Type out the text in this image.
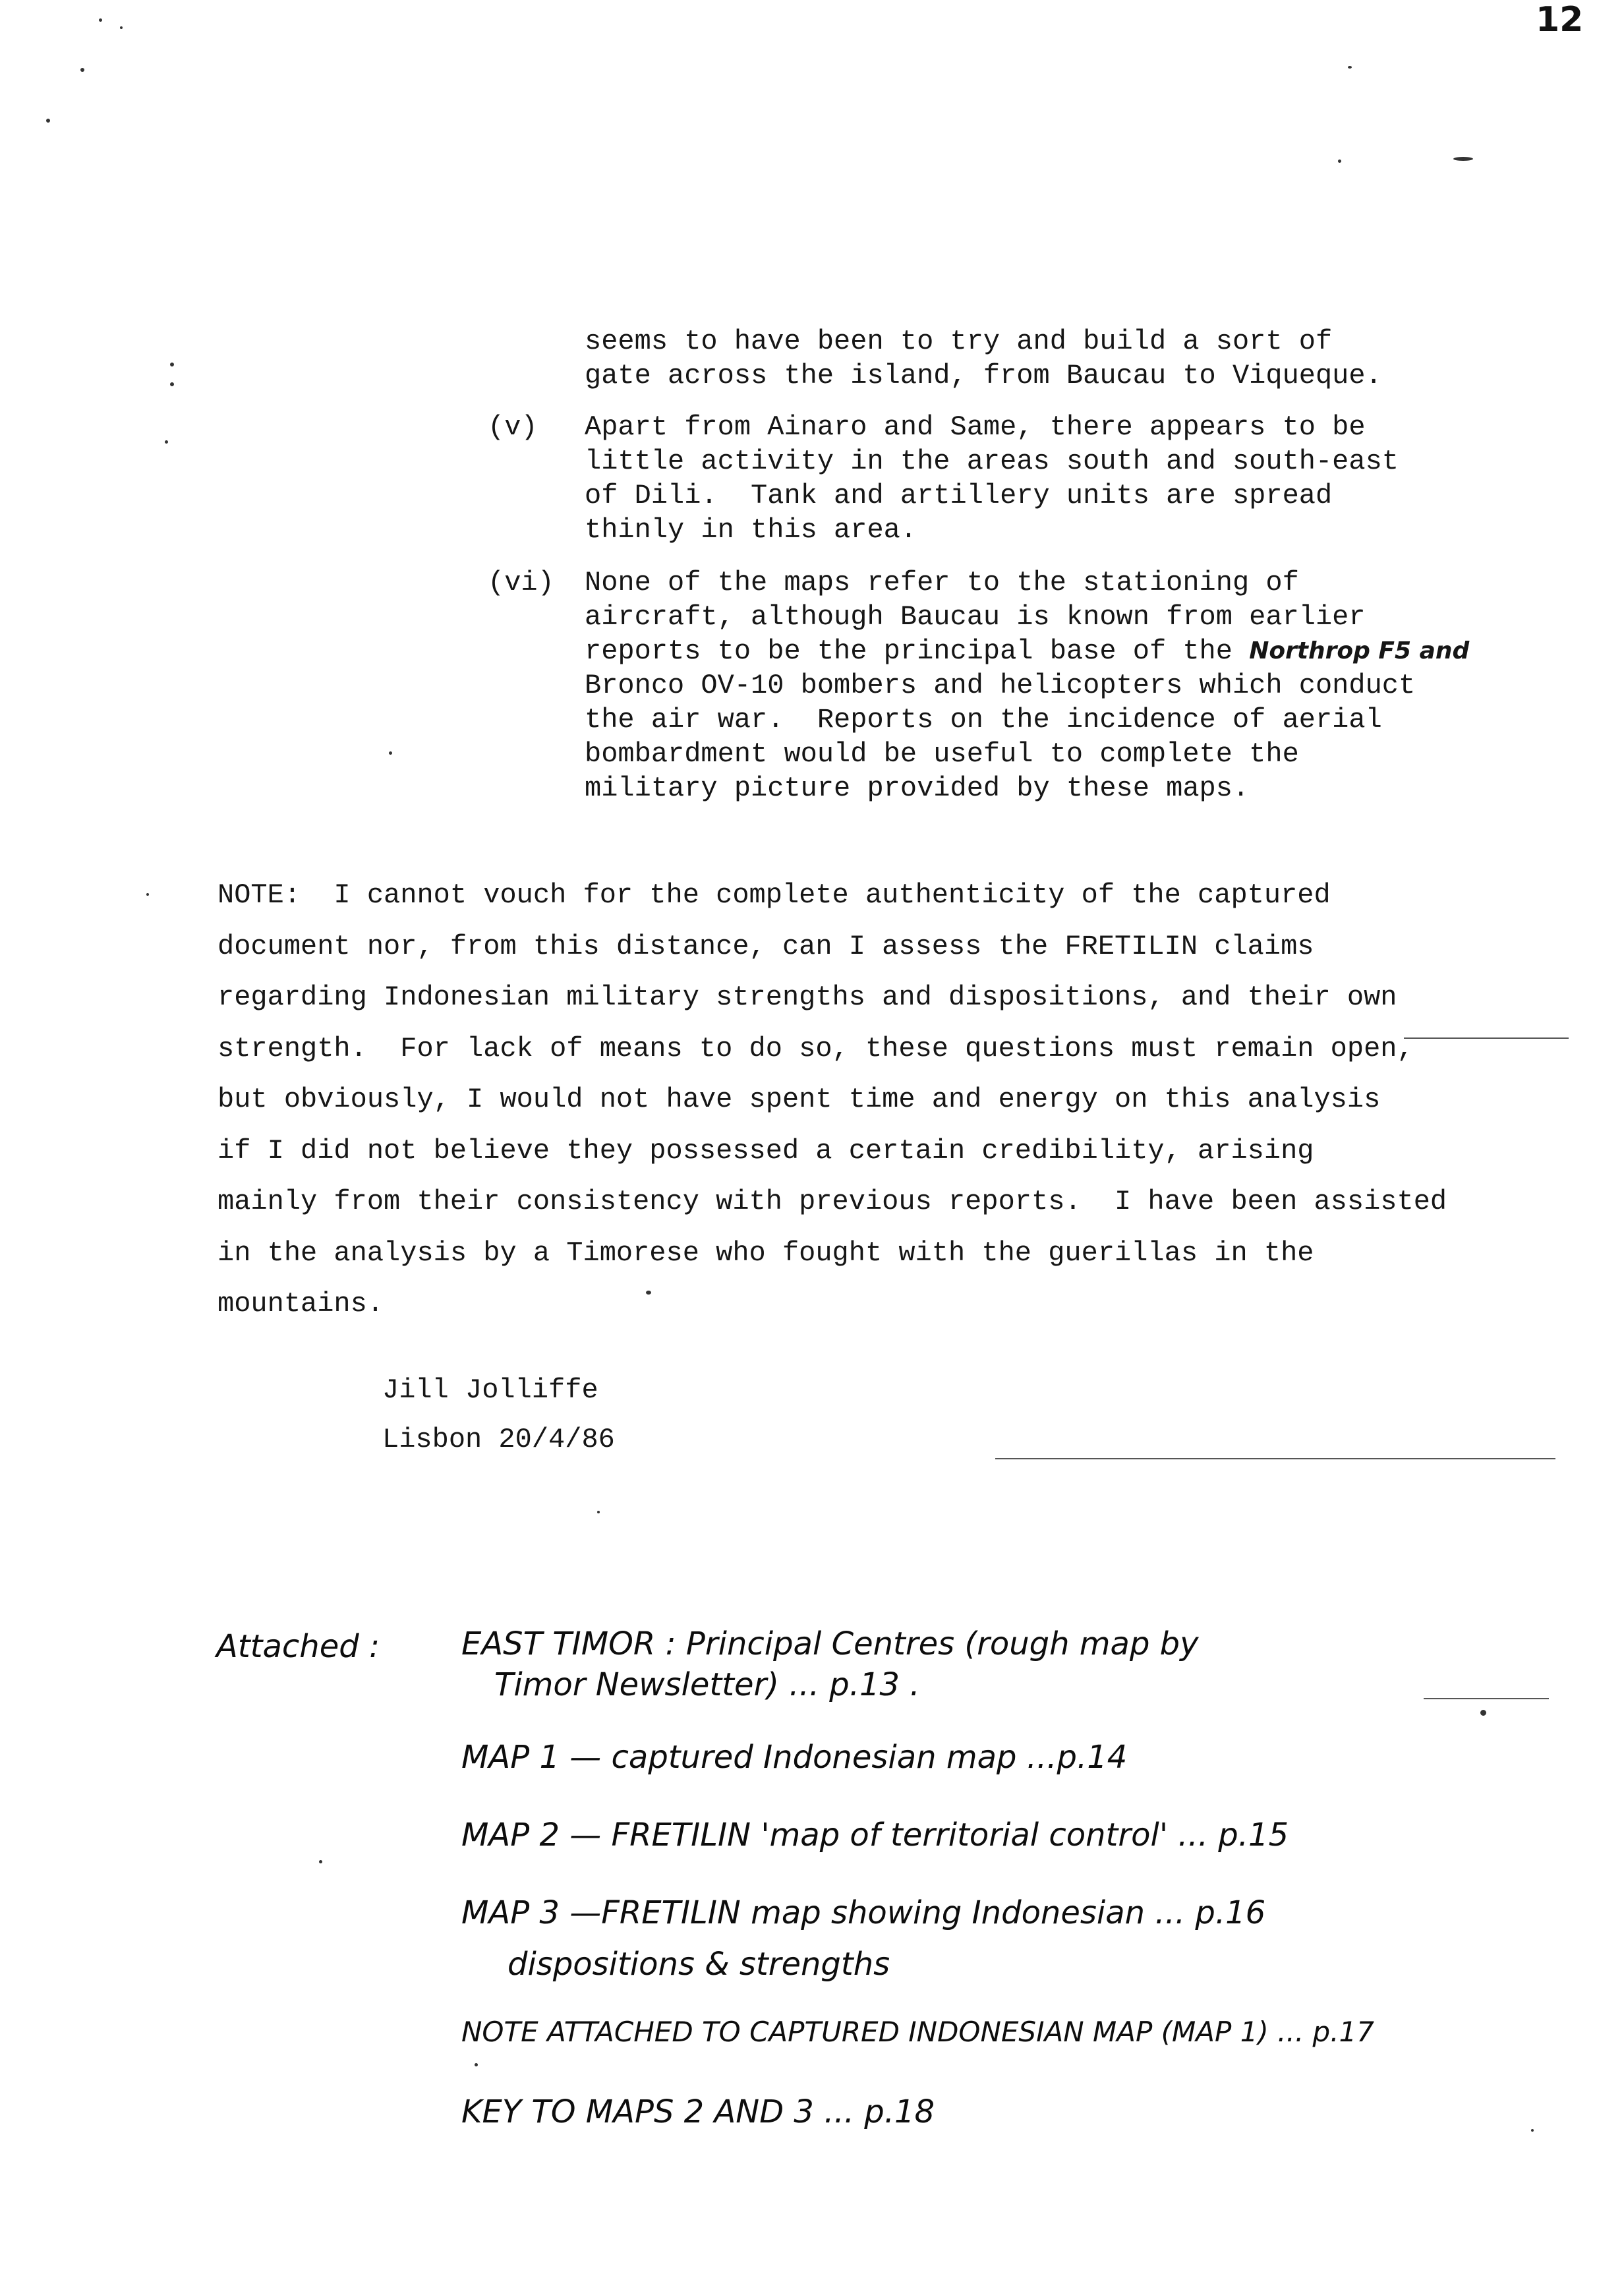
12
seems to have been to try and build a sort of
gate across the island, from Baucau to Viqueque.
(v) Apart from Ainaro and Same, there appears to be
little activity in the areas south and south-east
of Dili.  Tank and artillery units are spread
thinly in this area.
(vi) None of the maps refer to the stationing of
aircraft, although Baucau is known from earlier
reports to be the principal base of the Northrop F5 and
Bronco OV-10 bombers and helicopters which conduct
the air war.  Reports on the incidence of aerial
bombardment would be useful to complete the
military picture provided by these maps.
NOTE:  I cannot vouch for the complete authenticity of the captured
document nor, from this distance, can I assess the FRETILIN claims
regarding Indonesian military strengths and dispositions, and their own
strength.  For lack of means to do so, these questions must remain open,
but obviously, I would not have spent time and energy on this analysis
if I did not believe they possessed a certain credibility, arising
mainly from their consistency with previous reports.  I have been assisted
in the analysis by a Timorese who fought with the guerillas in the
mountains.
Jill Jolliffe
Lisbon 20/4/86
Attached :	EAST TIMOR : Principal Centres (rough map by
Timor Newsletter) ... p.13 .
MAP 1 — captured Indonesian map ...p.14
MAP 2 — FRETILIN 'map of territorial control' ... p.15
MAP 3 —FRETILIN map showing Indonesian ... p.16
dispositions & strengths
NOTE ATTACHED TO CAPTURED INDONESIAN MAP (MAP 1) ... p.17
KEY TO MAPS 2 AND 3 ... p.18
